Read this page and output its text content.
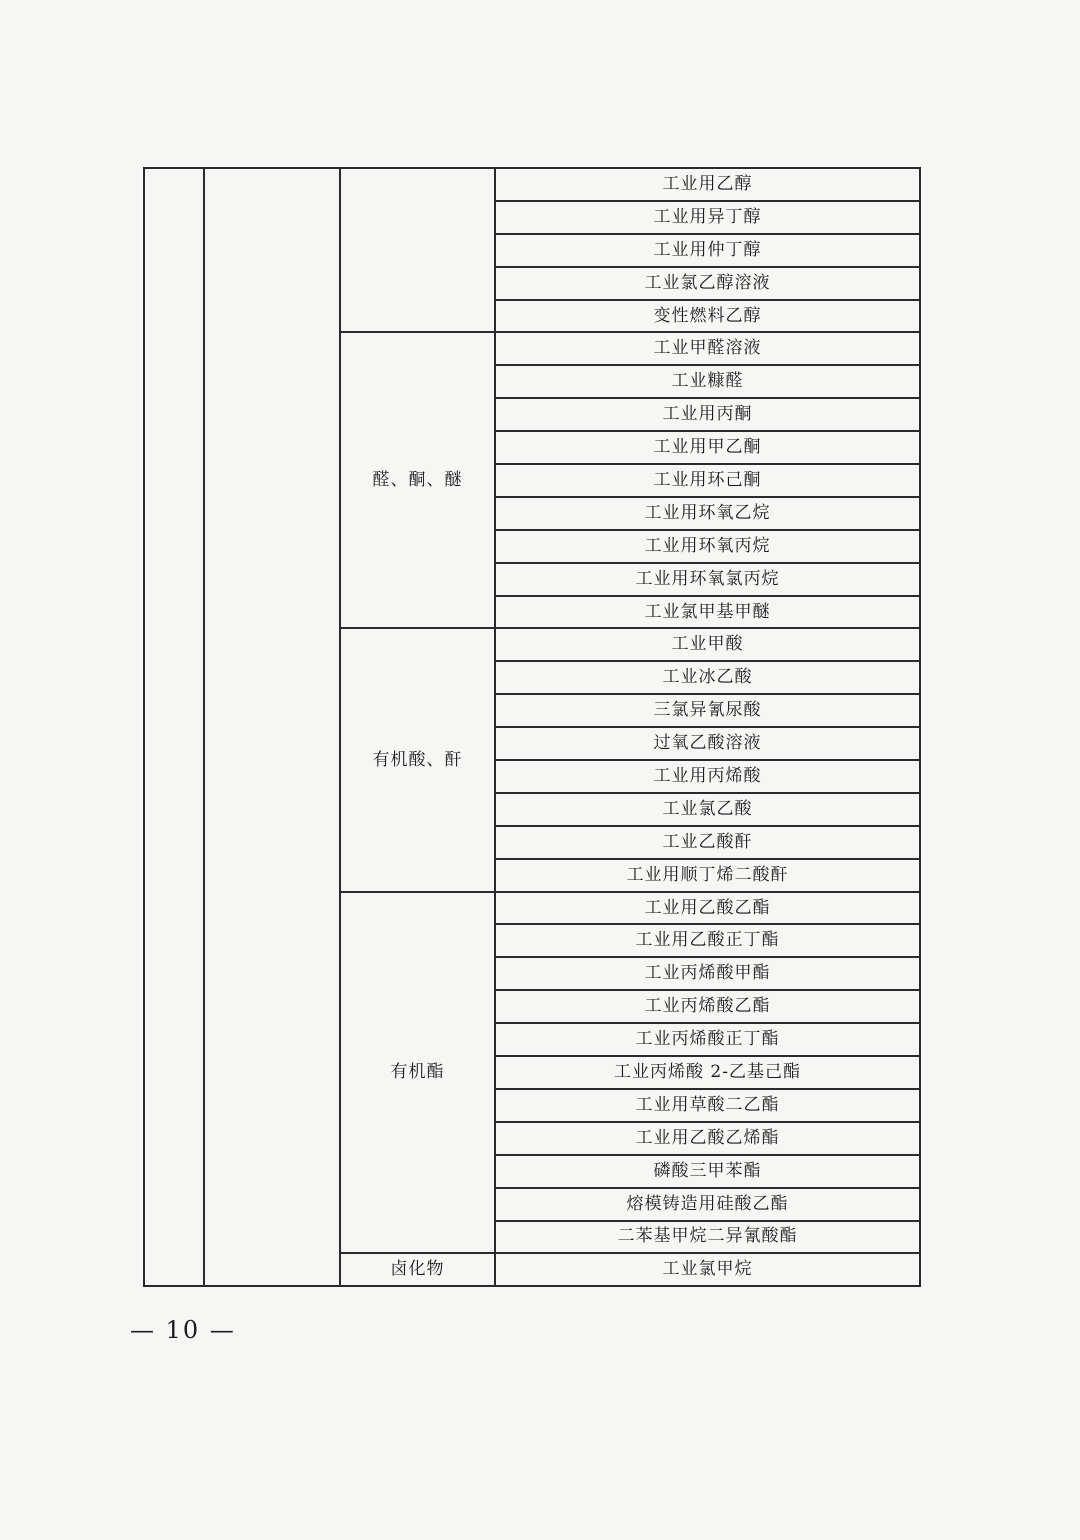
			工业用乙醇
			工业用异丁醇
			工业用仲丁醇
			工业氯乙醇溶液
			变性燃料乙醇
		醛、酮、醚	工业甲醛溶液
			工业糠醛
			工业用丙酮
			工业用甲乙酮
			工业用环己酮
			工业用环氧乙烷
			工业用环氧丙烷
			工业用环氧氯丙烷
			工业氯甲基甲醚
		有机酸、酐	工业甲酸
			工业冰乙酸
			三氯异氰尿酸
			过氧乙酸溶液
			工业用丙烯酸
			工业氯乙酸
			工业乙酸酐
			工业用顺丁烯二酸酐
		有机酯	工业用乙酸乙酯
			工业用乙酸正丁酯
			工业丙烯酸甲酯
			工业丙烯酸乙酯
			工业丙烯酸正丁酯
			工业丙烯酸 2-乙基己酯
			工业用草酸二乙酯
			工业用乙酸乙烯酯
			磷酸三甲苯酯
			熔模铸造用硅酸乙酯
			二苯基甲烷二异氰酸酯
		卤化物	工业氯甲烷
— 10 —
